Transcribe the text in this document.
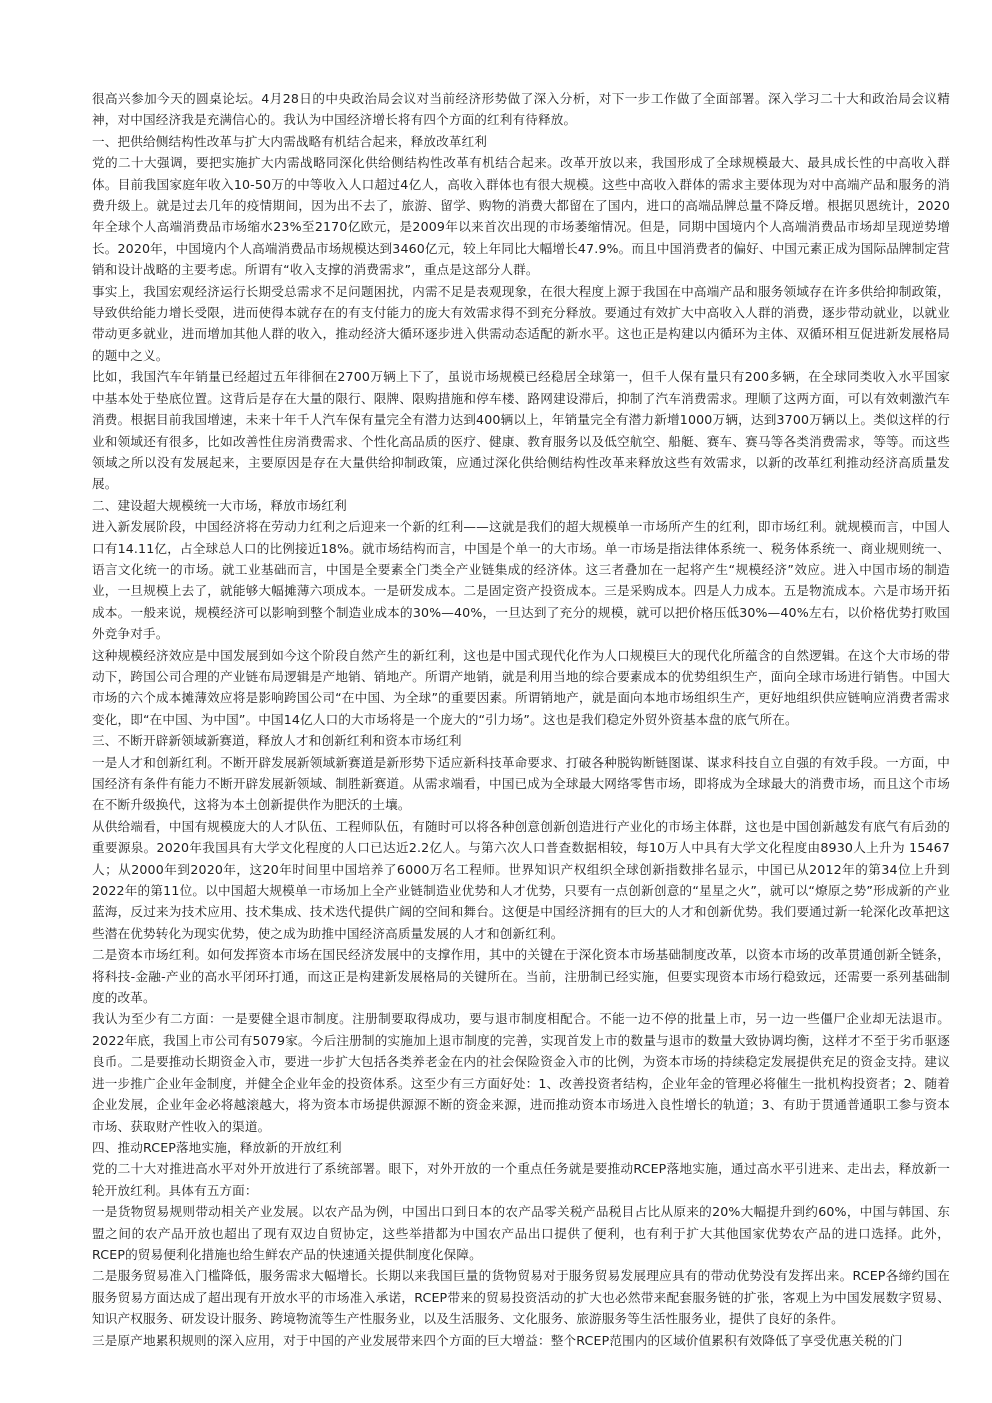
很高兴参加今天的圆桌论坛。4月28日的中央政治局会议对当前经济形势做了深入分析，对下一步工作做了全面部署。深入学习二十大和政治局会议精神，对中国经济我是充满信心的。我认为中国经济增长将有四个方面的红利有待释放。

一、把供给侧结构性改革与扩大内需战略有机结合起来，释放改革红利

党的二十大强调，要把实施扩大内需战略同深化供给侧结构性改革有机结合起来。改革开放以来，我国形成了全球规模最大、最具成长性的中高收入群体。目前我国家庭年收入10-50万的中等收入人口超过4亿人，高收入群体也有很大规模。这些中高收入群体的需求主要体现为对中高端产品和服务的消费升级上。就是过去几年的疫情期间，因为出不去了，旅游、留学、购物的消费大都留在了国内，进口的高端品牌总量不降反增。根据贝恩统计，2020年全球个人高端消费品市场缩水23%至2170亿欧元，是2009年以来首次出现的市场萎缩情况。但是，同期中国境内个人高端消费品市场却呈现逆势增长。2020年，中国境内个人高端消费品市场规模达到3460亿元，较上年同比大幅增长47.9%。而且中国消费者的偏好、中国元素正成为国际品牌制定营销和设计战略的主要考虑。所谓有“收入支撑的消费需求”，重点是这部分人群。

事实上，我国宏观经济运行长期受总需求不足问题困扰，内需不足是表观现象，在很大程度上源于我国在中高端产品和服务领域存在许多供给抑制政策，导致供给能力增长受限，进而使得本就存在的有支付能力的庞大有效需求得不到充分释放。要通过有效扩大中高收入人群的消费，逐步带动就业，以就业带动更多就业，进而增加其他人群的收入，推动经济大循环逐步进入供需动态适配的新水平。这也正是构建以内循环为主体、双循环相互促进新发展格局的题中之义。

比如，我国汽车年销量已经超过五年徘徊在2700万辆上下了，虽说市场规模已经稳居全球第一，但千人保有量只有200多辆，在全球同类收入水平国家中基本处于垫底位置。这背后是存在大量的限行、限牌、限购措施和停车楼、路网建设滞后，抑制了汽车消费需求。理顺了这两方面，可以有效刺激汽车消费。根据目前我国增速，未来十年千人汽车保有量完全有潜力达到400辆以上，年销量完全有潜力新增1000万辆，达到3700万辆以上。类似这样的行业和领域还有很多，比如改善性住房消费需求、个性化高品质的医疗、健康、教育服务以及低空航空、船艇、赛车、赛马等各类消费需求，等等。而这些领域之所以没有发展起来，主要原因是存在大量供给抑制政策，应通过深化供给侧结构性改革来释放这些有效需求，以新的改革红利推动经济高质量发展。

二、建设超大规模统一大市场，释放市场红利

进入新发展阶段，中国经济将在劳动力红利之后迎来一个新的红利——这就是我们的超大规模单一市场所产生的红利，即市场红利。就规模而言，中国人口有14.11亿，占全球总人口的比例接近18%。就市场结构而言，中国是个单一的大市场。单一市场是指法律体系统一、税务体系统一、商业规则统一、语言文化统一的市场。就工业基础而言，中国是全要素全门类全产业链集成的经济体。这三者叠加在一起将产生“规模经济”效应。进入中国市场的制造业，一旦规模上去了，就能够大幅摊薄六项成本。一是研发成本。二是固定资产投资成本。三是采购成本。四是人力成本。五是物流成本。六是市场开拓成本。一般来说，规模经济可以影响到整个制造业成本的30%—40%，一旦达到了充分的规模，就可以把价格压低30%—40%左右，以价格优势打败国外竞争对手。

这种规模经济效应是中国发展到如今这个阶段自然产生的新红利，这也是中国式现代化作为人口规模巨大的现代化所蕴含的自然逻辑。在这个大市场的带动下，跨国公司合理的产业链布局逻辑是产地销、销地产。所谓产地销，就是利用当地的综合要素成本的优势组织生产，面向全球市场进行销售。中国大市场的六个成本摊薄效应将是影响跨国公司“在中国、为全球”的重要因素。所谓销地产，就是面向本地市场组织生产，更好地组织供应链响应消费者需求变化，即“在中国、为中国”。中国14亿人口的大市场将是一个庞大的“引力场”。这也是我们稳定外贸外资基本盘的底气所在。

三、不断开辟新领域新赛道，释放人才和创新红利和资本市场红利

一是人才和创新红利。不断开辟发展新领域新赛道是新形势下适应新科技革命要求、打破各种脱钩断链图谋、谋求科技自立自强的有效手段。一方面，中国经济有条件有能力不断开辟发展新领域、制胜新赛道。从需求端看，中国已成为全球最大网络零售市场，即将成为全球最大的消费市场，而且这个市场在不断升级换代，这将为本土创新提供作为肥沃的土壤。

从供给端看，中国有规模庞大的人才队伍、工程师队伍，有随时可以将各种创意创新创造进行产业化的市场主体群，这也是中国创新越发有底气有后劲的重要源泉。2020年我国具有大学文化程度的人口已达近2.2亿人。与第六次人口普查数据相较，每10万人中具有大学文化程度由8930人上升为 15467人；从2000年到2020年，这20年时间里中国培养了6000万名工程师。世界知识产权组织全球创新指数排名显示，中国已从2012年的第34位上升到2022年的第11位。以中国超大规模单一市场加上全产业链制造业优势和人才优势，只要有一点创新创意的“星星之火”，就可以“燎原之势”形成新的产业蓝海，反过来为技术应用、技术集成、技术迭代提供广阔的空间和舞台。这便是中国经济拥有的巨大的人才和创新优势。我们要通过新一轮深化改革把这些潜在优势转化为现实优势，使之成为助推中国经济高质量发展的人才和创新红利。

二是资本市场红利。如何发挥资本市场在国民经济发展中的支撑作用，其中的关键在于深化资本市场基础制度改革，以资本市场的改革贯通创新全链条，将科技-金融-产业的高水平闭环打通，而这正是构建新发展格局的关键所在。当前，注册制已经实施，但要实现资本市场行稳致远，还需要一系列基础制度的改革。

我认为至少有二方面：一是要健全退市制度。注册制要取得成功，要与退市制度相配合。不能一边不停的批量上市，另一边一些僵尸企业却无法退市。2022年底，我国上市公司有5079家。今后注册制的实施加上退市制度的完善，实现首发上市的数量与退市的数量大致协调均衡，这样才不至于劣币驱逐良币。二是要推动长期资金入市，要进一步扩大包括各类养老金在内的社会保险资金入市的比例，为资本市场的持续稳定发展提供充足的资金支持。建议进一步推广企业年金制度，并健全企业年金的投资体系。这至少有三方面好处：1、改善投资者结构，企业年金的管理必将催生一批机构投资者；2、随着企业发展，企业年金必将越滚越大，将为资本市场提供源源不断的资金来源，进而推动资本市场进入良性增长的轨道；3、有助于贯通普通职工参与资本市场、获取财产性收入的渠道。

四、推动RCEP落地实施，释放新的开放红利

党的二十大对推进高水平对外开放进行了系统部署。眼下，对外开放的一个重点任务就是要推动RCEP落地实施，通过高水平引进来、走出去，释放新一轮开放红利。具体有五方面：

一是货物贸易规则带动相关产业发展。以农产品为例，中国出口到日本的农产品零关税产品税目占比从原来的20%大幅提升到约60%，中国与韩国、东盟之间的农产品开放也超出了现有双边自贸协定，这些举措都为中国农产品出口提供了便利，也有利于扩大其他国家优势农产品的进口选择。此外，RCEP的贸易便利化措施也给生鲜农产品的快速通关提供制度化保障。

二是服务贸易准入门槛降低，服务需求大幅增长。长期以来我国巨量的货物贸易对于服务贸易发展理应具有的带动优势没有发挥出来。RCEP各缔约国在服务贸易方面达成了超出现有开放水平的市场准入承诺，RCEP带来的贸易投资活动的扩大也必然带来配套服务链的扩张，客观上为中国发展数字贸易、知识产权服务、研发设计服务、跨境物流等生产性服务业，以及生活服务、文化服务、旅游服务等生活性服务业，提供了良好的条件。

三是原产地累积规则的深入应用，对于中国的产业发展带来四个方面的巨大增益：整个RCEP范围内的区域价值累积有效降低了享受优惠关税的门
